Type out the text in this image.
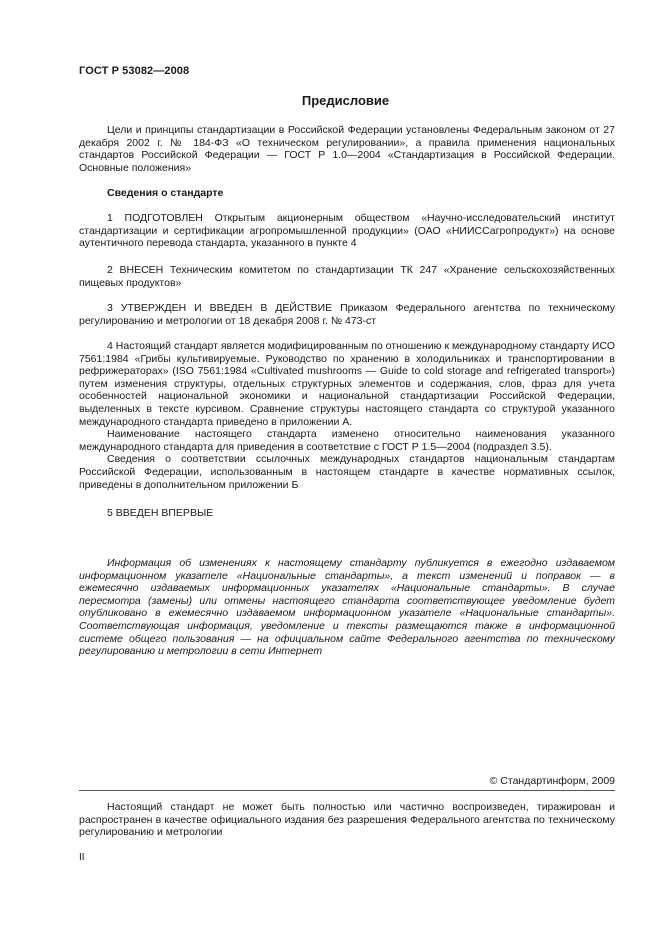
ГОСТ Р 53082—2008
Предисловие

Цели и принципы стандартизации в Российской Федерации установлены Федеральным законом от 27 декабря 2002 г. № 184-ФЗ «О техническом регулировании», а правила применения национальных стандартов Российской Федерации — ГОСТ Р 1.0—2004 «Стандартизация в Российской Федерации. Основные положения»

Сведения о стандарте

1 ПОДГОТОВЛЕН Открытым акционерным обществом «Научно-исследовательский институт стандартизации и сертификации агропромышленной продукции» (ОАО «НИИССагропродукт») на основе аутентичного перевода стандарта, указанного в пункте 4

2 ВНЕСЕН Техническим комитетом по стандартизации ТК 247 «Хранение сельскохозяйственных пищевых продуктов»

3 УТВЕРЖДЕН И ВВЕДЕН В ДЕЙСТВИЕ Приказом Федерального агентства по техническому регулированию и метрологии от 18 декабря 2008 г. № 473-ст

4 Настоящий стандарт является модифицированным по отношению к международному стандарту ИСО 7561:1984 «Грибы культивируемые. Руководство по хранению в холодильниках и транспортировании в рефрижераторах» (ISO 7561:1984 «Cultivated mushrooms — Guide to cold storage and refrigerated transport») путем изменения структуры, отдельных структурных элементов и содержания, слов, фраз для учета особенностей национальной экономики и национальной стандартизации Российской Федерации, выделенных в тексте курсивом. Сравнение структуры настоящего стандарта со структурой указанного международного стандарта приведено в приложении А.

Наименование настоящего стандарта изменено относительно наименования указанного международного стандарта для приведения в соответствие с ГОСТ Р 1.5—2004 (подраздел 3.5).

Сведения о соответствии ссылочных международных стандартов национальным стандартам Российской Федерации, использованным в настоящем стандарте в качестве нормативных ссылок, приведены в дополнительном приложении Б

5 ВВЕДЕН ВПЕРВЫЕ

Информация об изменениях к настоящему стандарту публикуется в ежегодно издаваемом информационном указателе «Национальные стандарты», а текст изменений и поправок — в ежемесячно издаваемых информационных указателях «Национальные стандарты». В случае пересмотра (замены) или отмены настоящего стандарта соответствующее уведомление будет опубликовано в ежемесячно издаваемом информационном указателе «Национальные стандарты». Соответствующая информация, уведомление и тексты размещаются также в информационной системе общего пользования — на официальном сайте Федерального агентства по техническому регулированию и метрологии в сети Интернет

© Стандартинформ, 2009

Настоящий стандарт не может быть полностью или частично воспроизведен, тиражирован и распространен в качестве официального издания без разрешения Федерального агентства по техническому регулированию и метрологии

II
